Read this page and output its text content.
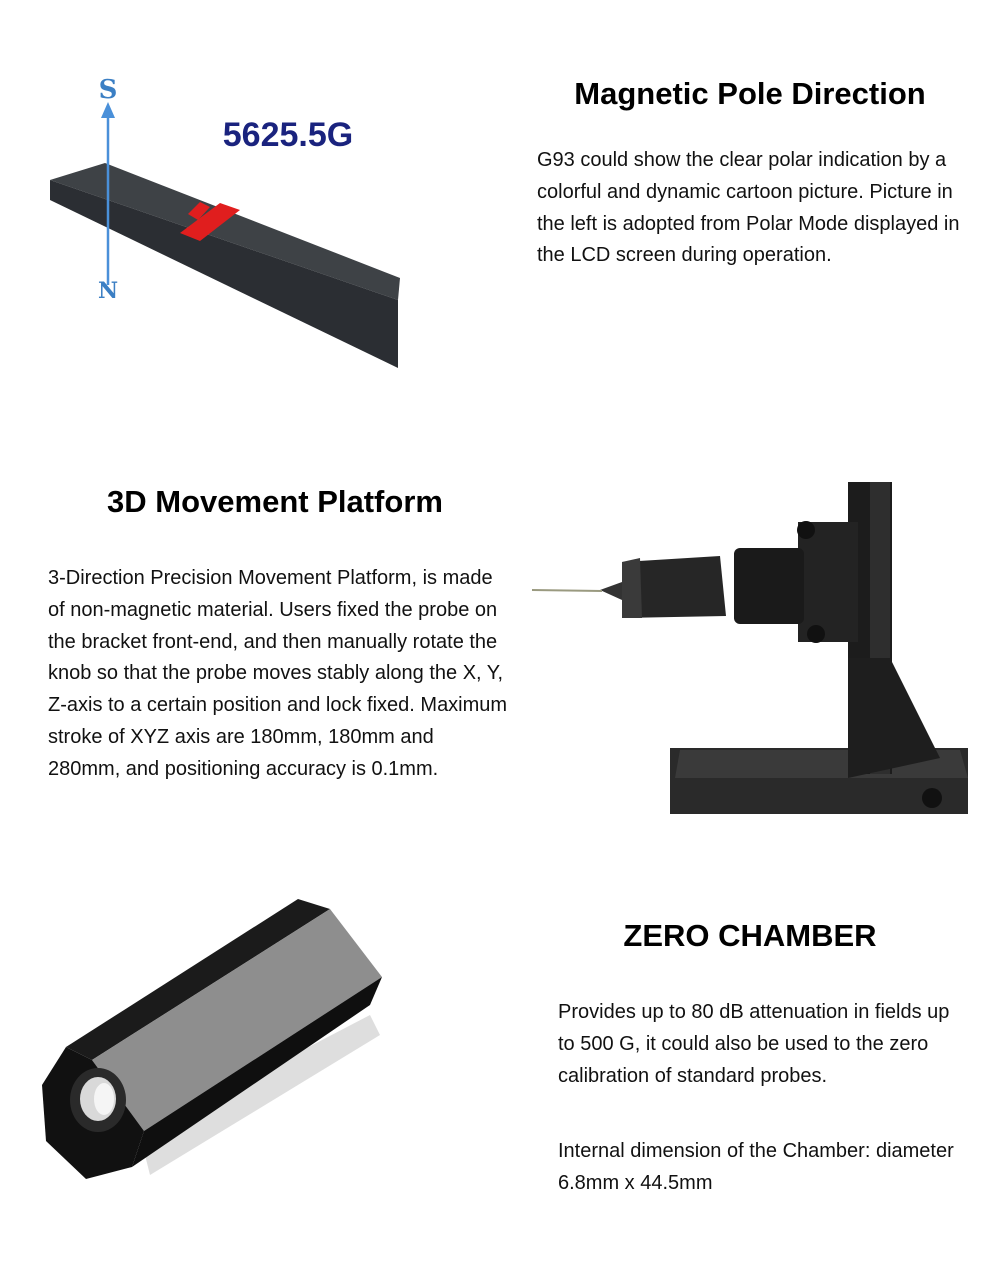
S
N
5625.5G
Magnetic Pole Direction

G93 could show the clear polar indication by a colorful and dynamic cartoon picture. Picture in the left is adopted from Polar Mode displayed in the LCD screen during operation.

3D Movement Platform

3-Direction Precision Movement Platform, is made of non-magnetic material. Users fixed the probe on the bracket front-end, and then manually rotate the knob so that the probe moves stably along the X, Y, Z-axis to a certain position and lock fixed. Maximum stroke of XYZ axis are 180mm, 180mm and 280mm, and positioning accuracy is 0.1mm.

ZERO CHAMBER

Provides up to 80 dB attenuation in fields up to 500 G, it could also be used to the zero calibration of standard probes.

Internal dimension of the Chamber: diameter 6.8mm x 44.5mm
